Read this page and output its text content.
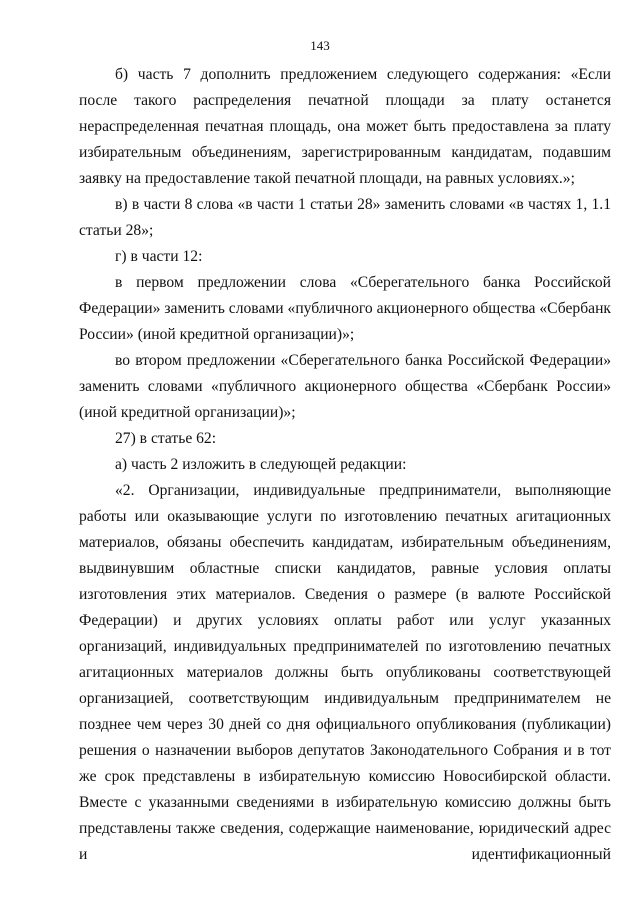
143

б) часть 7 дополнить предложением следующего содержания: «Если после такого распределения печатной площади за плату останется нераспределенная печатная площадь, она может быть предоставлена за плату избирательным объединениям, зарегистрированным кандидатам, подавшим заявку на предоставление такой печатной площади, на равных условиях.»;

в) в части 8 слова «в части 1 статьи 28» заменить словами «в частях 1, 1.1 статьи 28»;

г) в части 12:

в первом предложении слова «Сберегательного банка Российской Федерации» заменить словами «публичного акционерного общества «Сбербанк России» (иной кредитной организации)»;

во втором предложении «Сберегательного банка Российской Федерации» заменить словами «публичного акционерного общества «Сбербанк России» (иной кредитной организации)»;

27) в статье 62:

а) часть 2 изложить в следующей редакции:

«2. Организации, индивидуальные предприниматели, выполняющие работы или оказывающие услуги по изготовлению печатных агитационных материалов, обязаны обеспечить кандидатам, избирательным объединениям, выдвинувшим областные списки кандидатов, равные условия оплаты изготовления этих материалов. Сведения о размере (в валюте Российской Федерации) и других условиях оплаты работ или услуг указанных организаций, индивидуальных предпринимателей по изготовлению печатных агитационных материалов должны быть опубликованы соответствующей организацией, соответствующим индивидуальным предпринимателем не позднее чем через 30 дней со дня официального опубликования (публикации) решения о назначении выборов депутатов Законодательного Собрания и в тот же срок представлены в избирательную комиссию Новосибирской области. Вместе с указанными сведениями в избирательную комиссию должны быть представлены также сведения, содержащие наименование, юридический адрес и идентификационный
